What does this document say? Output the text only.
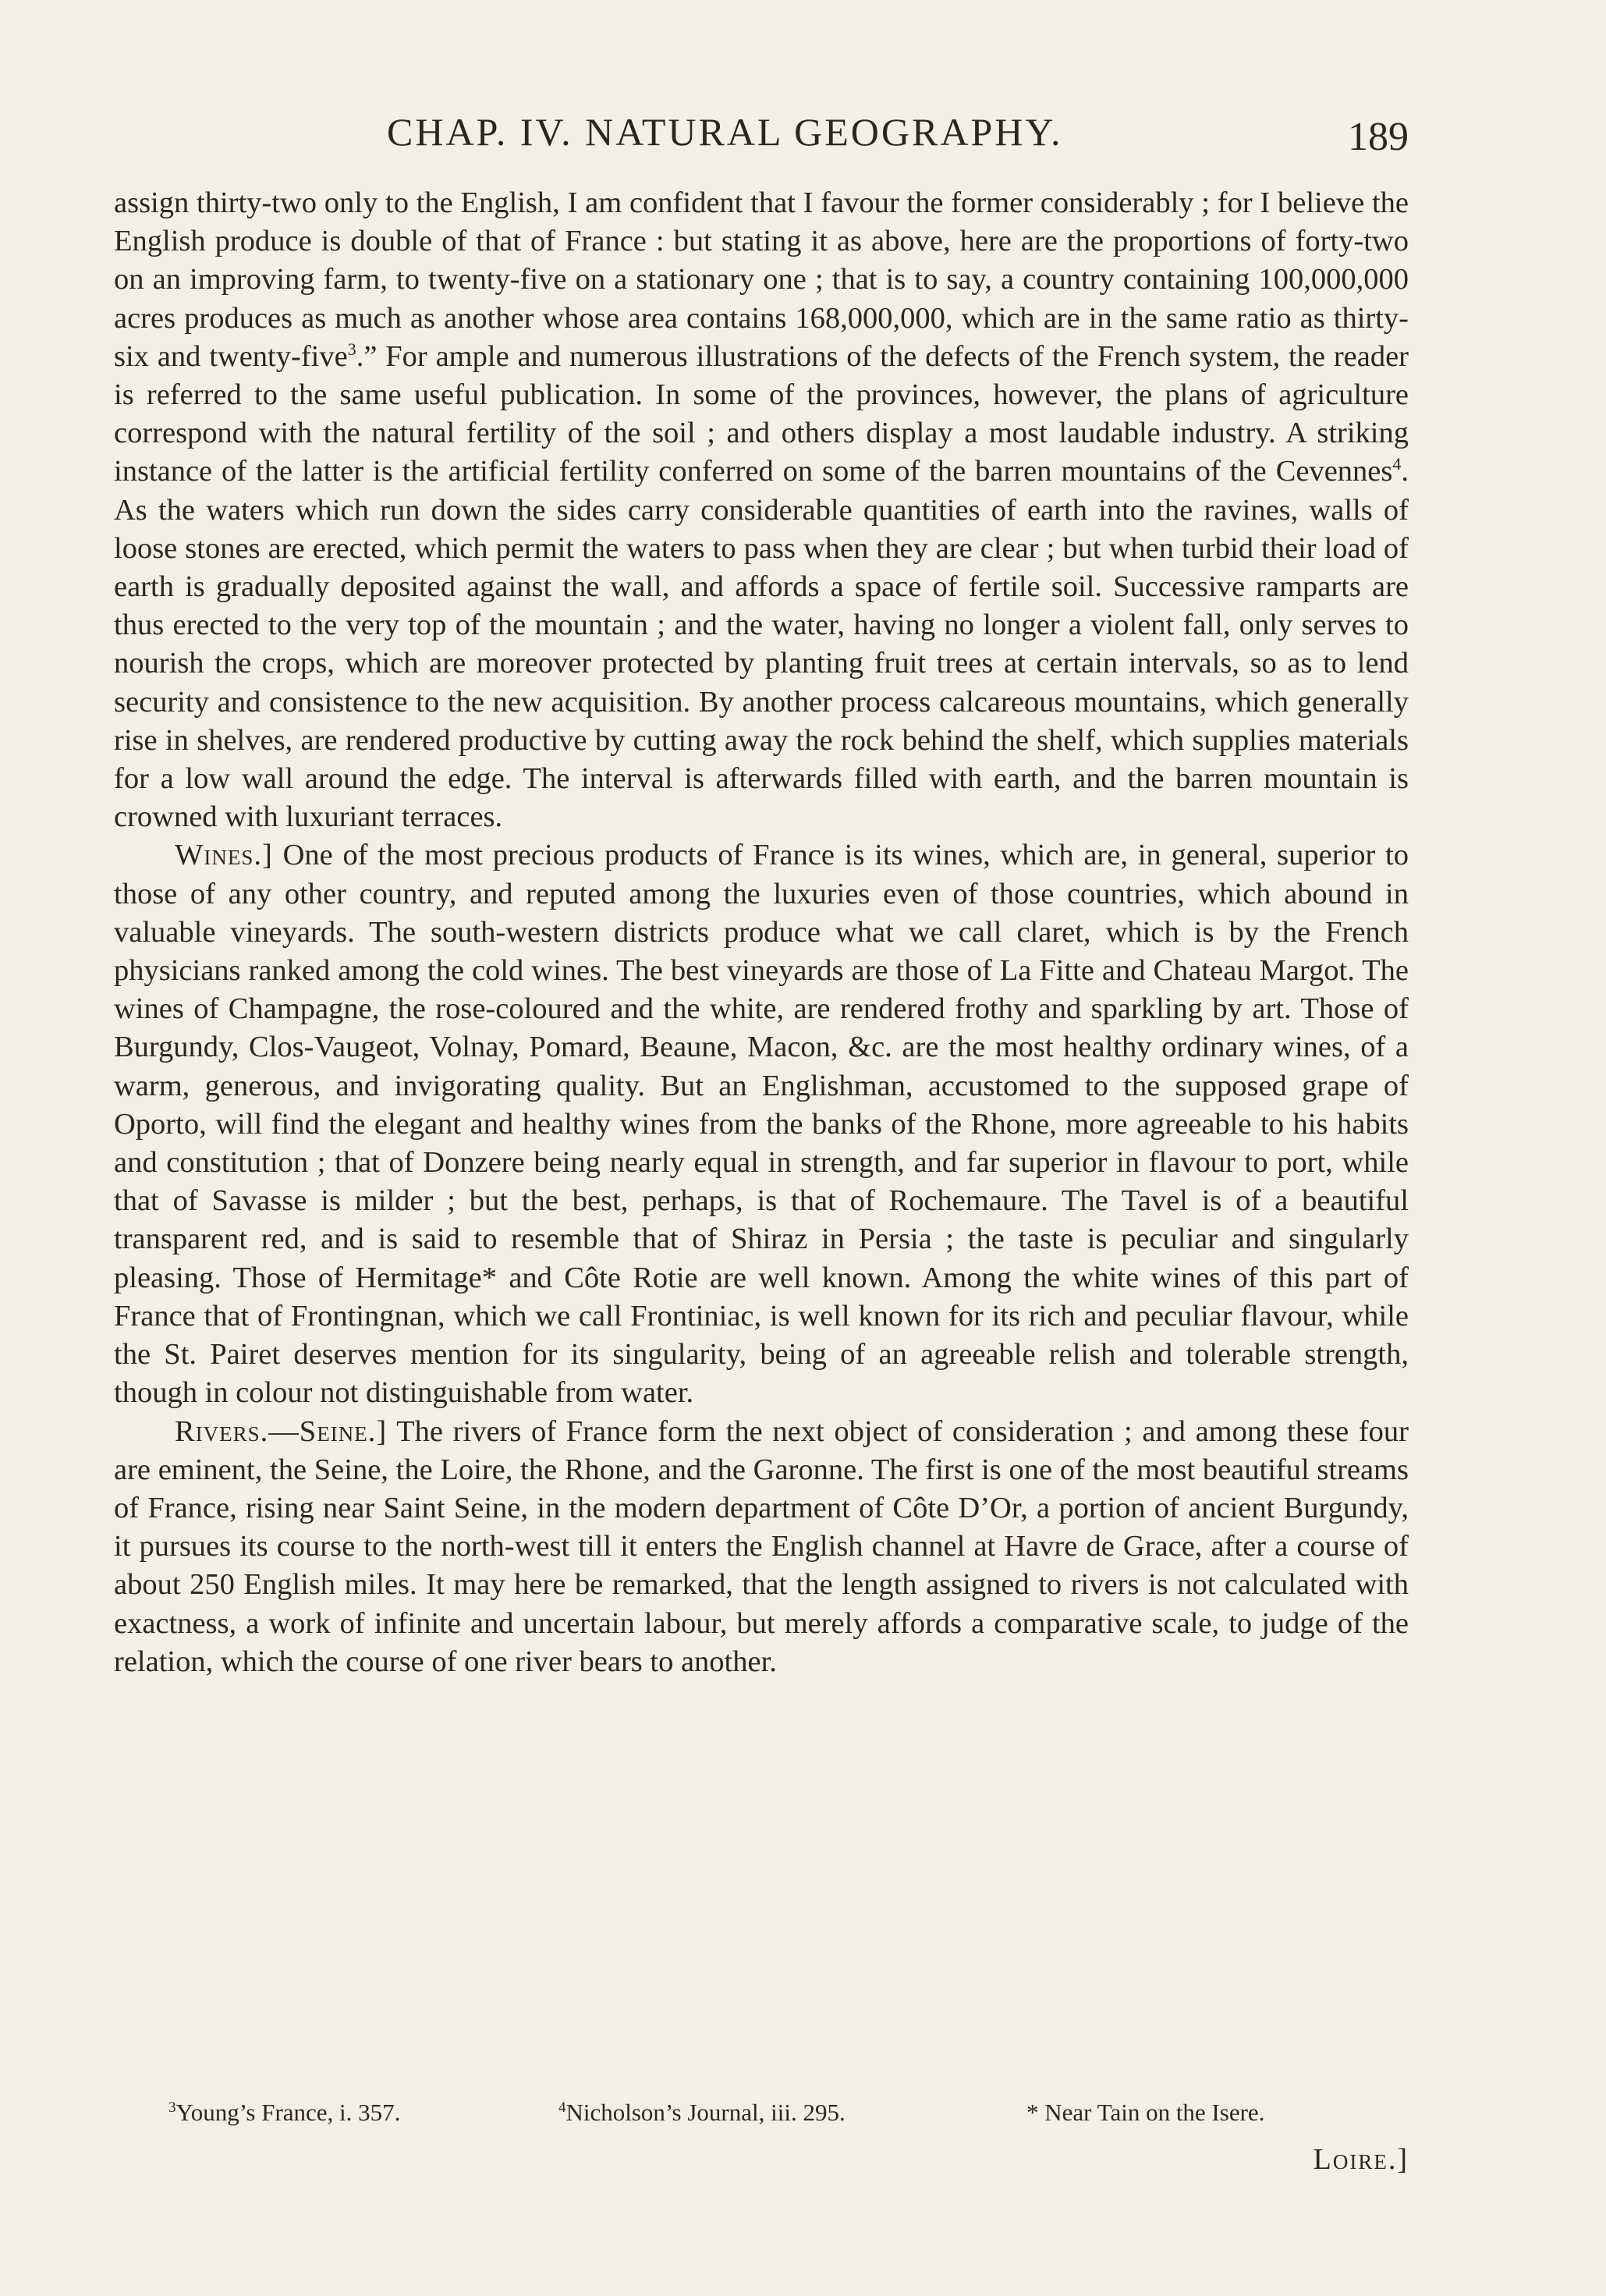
CHAP. IV. NATURAL GEOGRAPHY.	189

assign thirty-two only to the English, I am confident that I favour the former considerably ; for I believe the English produce is double of that of France : but stating it as above, here are the proportions of forty-two on an improving farm, to twenty-five on a stationary one ; that is to say, a country containing 100,000,000 acres produces as much as another whose area contains 168,000,000, which are in the same ratio as thirty-six and twenty-five$^3$.” For ample and numerous illustrations of the defects of the French system, the reader is referred to the same useful publication. In some of the provinces, however, the plans of agriculture correspond with the natural fertility of the soil ; and others display a most laudable industry. A striking instance of the latter is the artificial fertility conferred on some of the barren mountains of the Cevennes$^4$. As the waters which run down the sides carry considerable quantities of earth into the ravines, walls of loose stones are erected, which permit the waters to pass when they are clear ; but when turbid their load of earth is gradually deposited against the wall, and affords a space of fertile soil. Successive ramparts are thus erected to the very top of the mountain ; and the water, having no longer a violent fall, only serves to nourish the crops, which are moreover protected by planting fruit trees at certain intervals, so as to lend security and consistence to the new acquisition. By another process calcareous mountains, which generally rise in shelves, are rendered productive by cutting away the rock behind the shelf, which supplies materials for a low wall around the edge. The interval is afterwards filled with earth, and the barren mountain is crowned with luxuriant terraces.

Wines.] One of the most precious products of France is its wines, which are, in general, superior to those of any other country, and reputed among the luxuries even of those countries, which abound in valuable vineyards. The south-western districts produce what we call claret, which is by the French physicians ranked among the cold wines. The best vineyards are those of La Fitte and Chateau Margot. The wines of Champagne, the rose-coloured and the white, are rendered frothy and sparkling by art. Those of Burgundy, Clos-Vaugeot, Volnay, Pomard, Beaune, Macon, &c. are the most healthy ordinary wines, of a warm, generous, and invigorating quality. But an Englishman, accustomed to the supposed grape of Oporto, will find the elegant and healthy wines from the banks of the Rhone, more agreeable to his habits and constitution ; that of Donzere being nearly equal in strength, and far superior in flavour to port, while that of Savasse is milder ; but the best, perhaps, is that of Rochemaure. The Tavel is of a beautiful transparent red, and is said to resemble that of Shiraz in Persia ; the taste is peculiar and singularly pleasing. Those of Hermitage* and Côte Rotie are well known. Among the white wines of this part of France that of Frontingnan, which we call Frontiniac, is well known for its rich and peculiar flavour, while the St. Pairet deserves mention for its singularity, being of an agreeable relish and tolerable strength, though in colour not distinguishable from water.

Rivers.—Seine.] The rivers of France form the next object of consideration ; and among these four are eminent, the Seine, the Loire, the Rhone, and the Garonne. The first is one of the most beautiful streams of France, rising near Saint Seine, in the modern department of Côte D’Or, a portion of ancient Burgundy, it pursues its course to the north-west till it enters the English channel at Havre de Grace, after a course of about 250 English miles. It may here be remarked, that the length assigned to rivers is not calculated with exactness, a work of infinite and uncertain labour, but merely affords a comparative scale, to judge of the relation, which the course of one river bears to another.

$^3$Young’s France, i. 357.	$^4$Nicholson’s Journal, iii. 295.	* Near Tain on the Isere.
Loire.]
